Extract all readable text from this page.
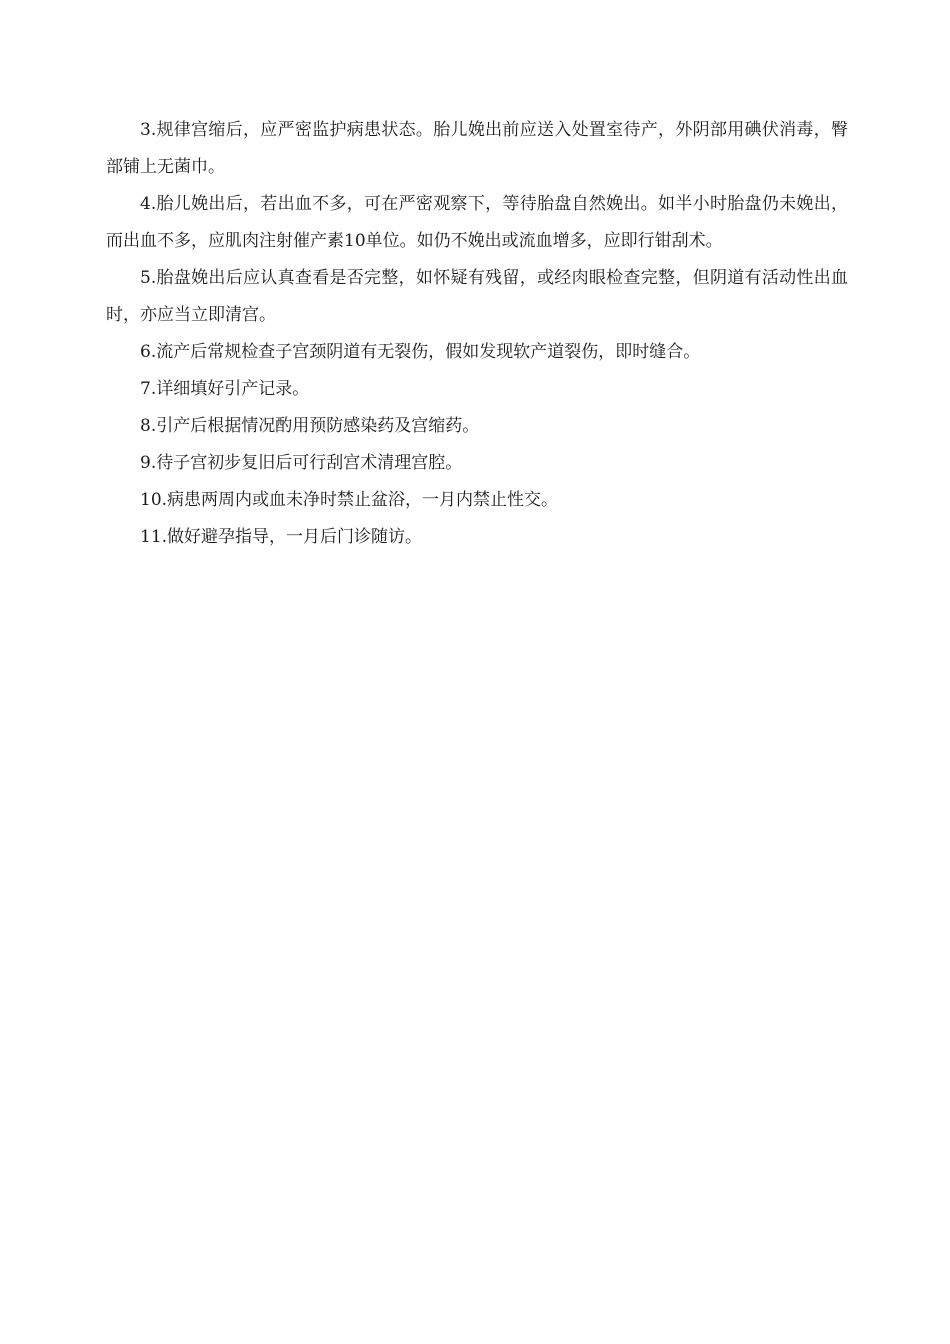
3.规律宫缩后，应严密监护病患状态。胎儿娩出前应送入处置室待产，外阴部用碘伏消毒，臀部铺上无菌巾。

4.胎儿娩出后，若出血不多，可在严密观察下，等待胎盘自然娩出。如半小时胎盘仍未娩出，而出血不多，应肌肉注射催产素10单位。如仍不娩出或流血增多，应即行钳刮术。

5.胎盘娩出后应认真查看是否完整，如怀疑有残留，或经肉眼检查完整，但阴道有活动性出血时，亦应当立即清宫。

6.流产后常规检查子宫颈阴道有无裂伤，假如发现软产道裂伤，即时缝合。

7.详细填好引产记录。

8.引产后根据情况酌用预防感染药及宫缩药。

9.待子宫初步复旧后可行刮宫术清理宫腔。

10.病患两周内或血未净时禁止盆浴，一月内禁止性交。

11.做好避孕指导，一月后门诊随访。
